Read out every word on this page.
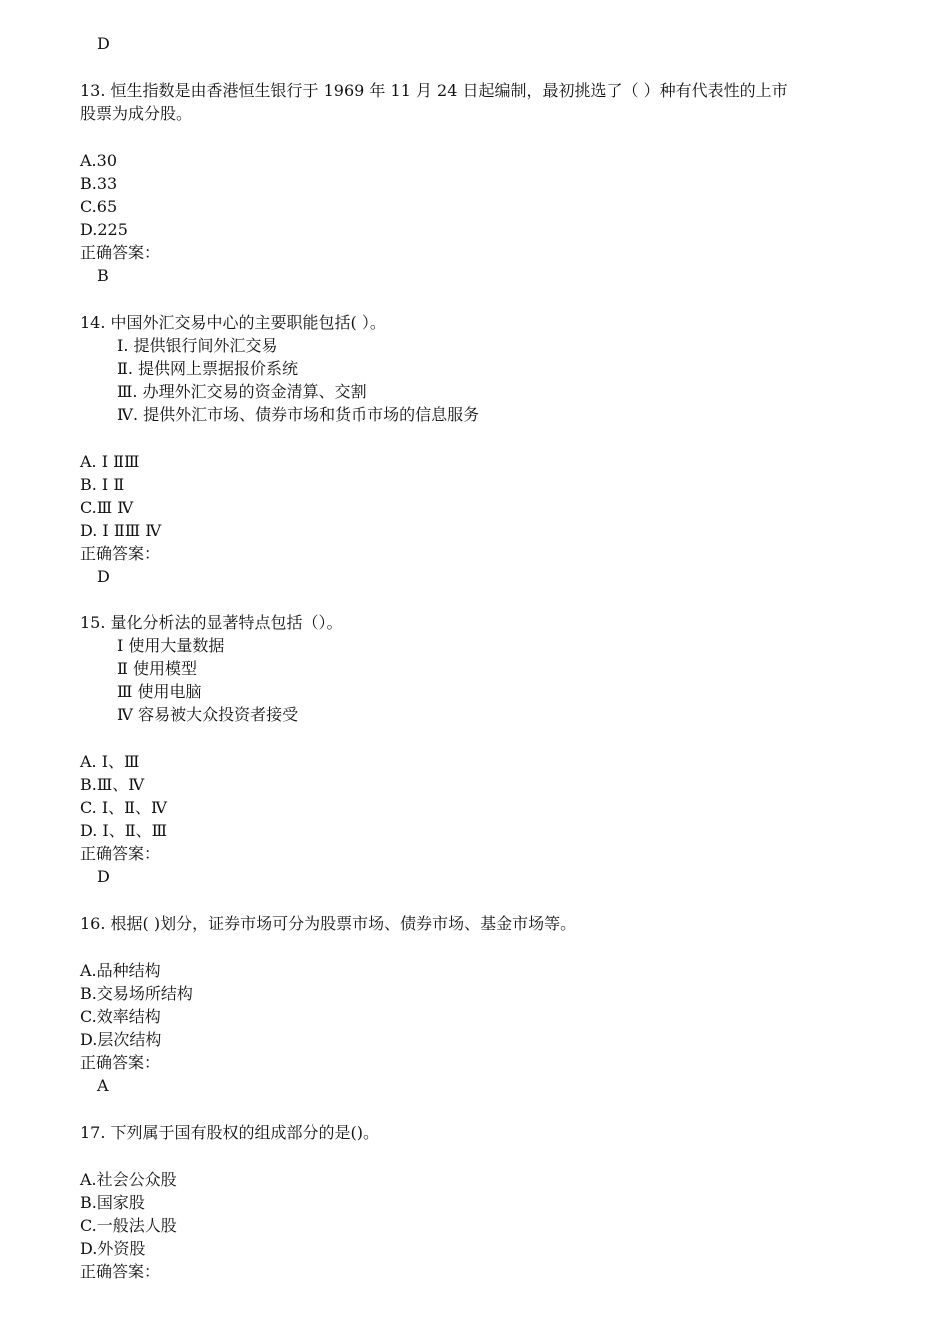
D
13. 恒生指数是由香港恒生银行于 1969 年 11 月 24 日起编制，最初挑选了（ ）种有代表性的上市
股票为成分股。
A.30
B.33
C.65
D.225
正确答案：
B
14. 中国外汇交易中心的主要职能包括( ）。
Ⅰ. 提供银行间外汇交易
Ⅱ. 提供网上票据报价系统
Ⅲ. 办理外汇交易的资金清算、交割
Ⅳ. 提供外汇市场、债券市场和货币市场的信息服务
A. Ⅰ ⅡⅢ
B. Ⅰ Ⅱ
C.Ⅲ Ⅳ
D. Ⅰ ⅡⅢ Ⅳ
正确答案：
D
15. 量化分析法的显著特点包括（）。
Ⅰ 使用大量数据
Ⅱ 使用模型
Ⅲ 使用电脑
Ⅳ 容易被大众投资者接受
A. Ⅰ、Ⅲ
B.Ⅲ、Ⅳ
C. Ⅰ、Ⅱ、Ⅳ
D. Ⅰ、Ⅱ、Ⅲ
正确答案：
D
16. 根据( )划分，证券市场可分为股票市场、债券市场、基金市场等。
A.品种结构
B.交易场所结构
C.效率结构
D.层次结构
正确答案：
A
17. 下列属于国有股权的组成部分的是()。
A.社会公众股
B.国家股
C.一般法人股
D.外资股
正确答案：
